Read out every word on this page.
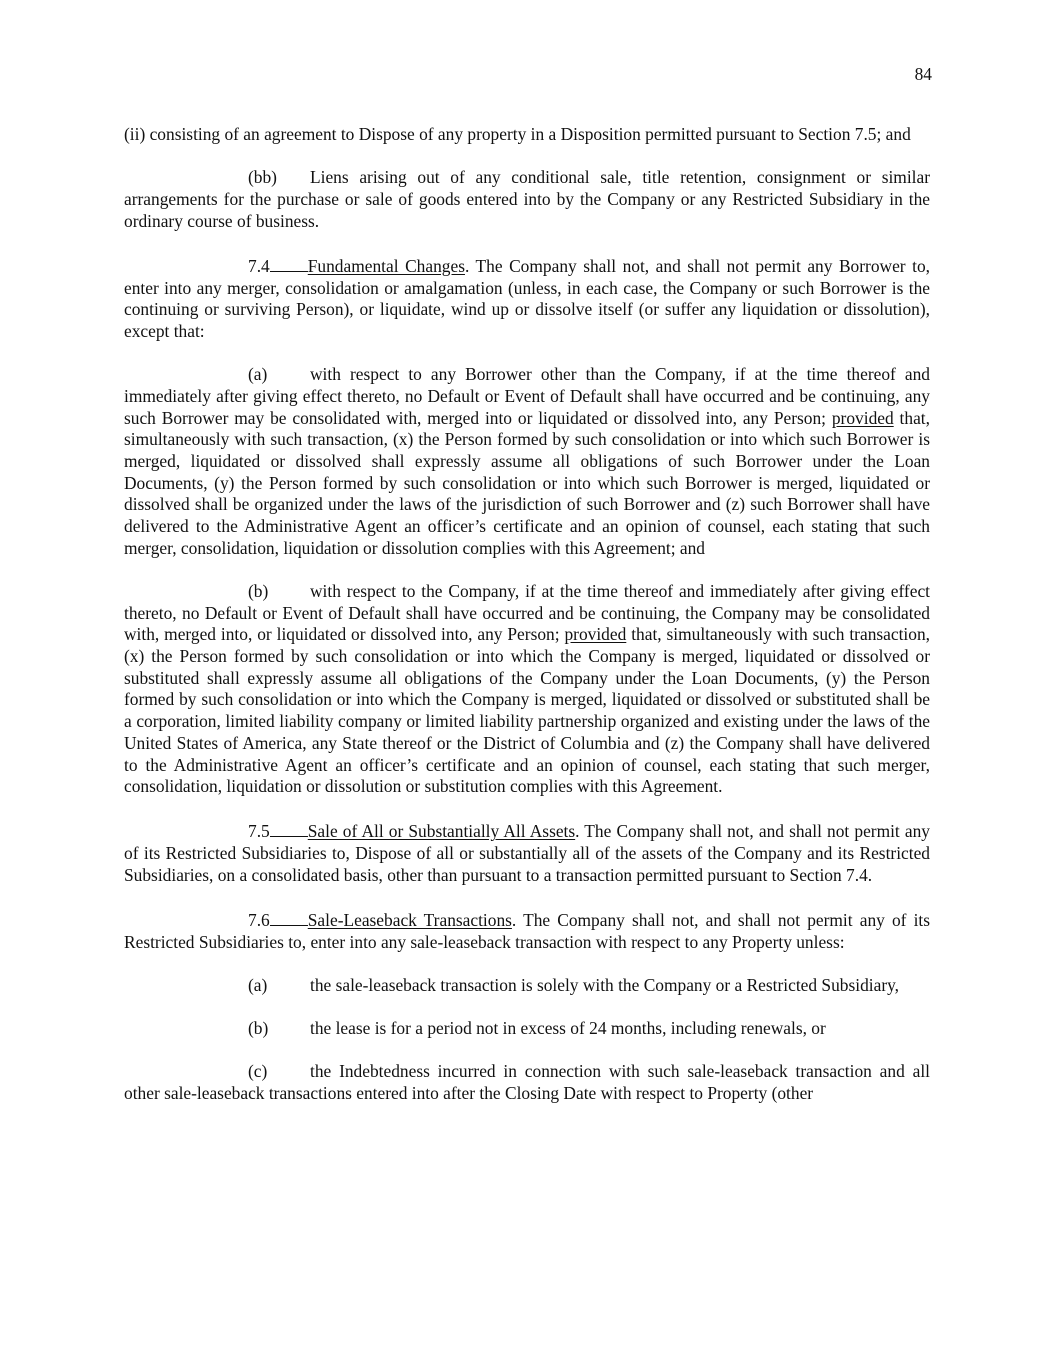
84

(ii) consisting of an agreement to Dispose of any property in a Disposition permitted pursuant to Section 7.5; and

(bb) Liens arising out of any conditional sale, title retention, consignment or similar arrangements for the purchase or sale of goods entered into by the Company or any Restricted Subsidiary in the ordinary course of business.

7.4 Fundamental Changes. The Company shall not, and shall not permit any Borrower to, enter into any merger, consolidation or amalgamation (unless, in each case, the Company or such Borrower is the continuing or surviving Person), or liquidate, wind up or dissolve itself (or suffer any liquidation or dissolution), except that:

(a) with respect to any Borrower other than the Company, if at the time thereof and immediately after giving effect thereto, no Default or Event of Default shall have occurred and be continuing, any such Borrower may be consolidated with, merged into or liquidated or dissolved into, any Person; provided that, simultaneously with such transaction, (x) the Person formed by such consolidation or into which such Borrower is merged, liquidated or dissolved shall expressly assume all obligations of such Borrower under the Loan Documents, (y) the Person formed by such consolidation or into which such Borrower is merged, liquidated or dissolved shall be organized under the laws of the jurisdiction of such Borrower and (z) such Borrower shall have delivered to the Administrative Agent an officer’s certificate and an opinion of counsel, each stating that such merger, consolidation, liquidation or dissolution complies with this Agreement; and

(b) with respect to the Company, if at the time thereof and immediately after giving effect thereto, no Default or Event of Default shall have occurred and be continuing, the Company may be consolidated with, merged into, or liquidated or dissolved into, any Person; provided that, simultaneously with such transaction, (x) the Person formed by such consolidation or into which the Company is merged, liquidated or dissolved or substituted shall expressly assume all obligations of the Company under the Loan Documents, (y) the Person formed by such consolidation or into which the Company is merged, liquidated or dissolved or substituted shall be a corporation, limited liability company or limited liability partnership organized and existing under the laws of the United States of America, any State thereof or the District of Columbia and (z) the Company shall have delivered to the Administrative Agent an officer’s certificate and an opinion of counsel, each stating that such merger, consolidation, liquidation or dissolution or substitution complies with this Agreement.

7.5 Sale of All or Substantially All Assets. The Company shall not, and shall not permit any of its Restricted Subsidiaries to, Dispose of all or substantially all of the assets of the Company and its Restricted Subsidiaries, on a consolidated basis, other than pursuant to a transaction permitted pursuant to Section 7.4.

7.6 Sale-Leaseback Transactions. The Company shall not, and shall not permit any of its Restricted Subsidiaries to, enter into any sale-leaseback transaction with respect to any Property unless:

(a) the sale-leaseback transaction is solely with the Company or a Restricted Subsidiary,

(b) the lease is for a period not in excess of 24 months, including renewals, or

(c) the Indebtedness incurred in connection with such sale-leaseback transaction and all other sale-leaseback transactions entered into after the Closing Date with respect to Property (other
